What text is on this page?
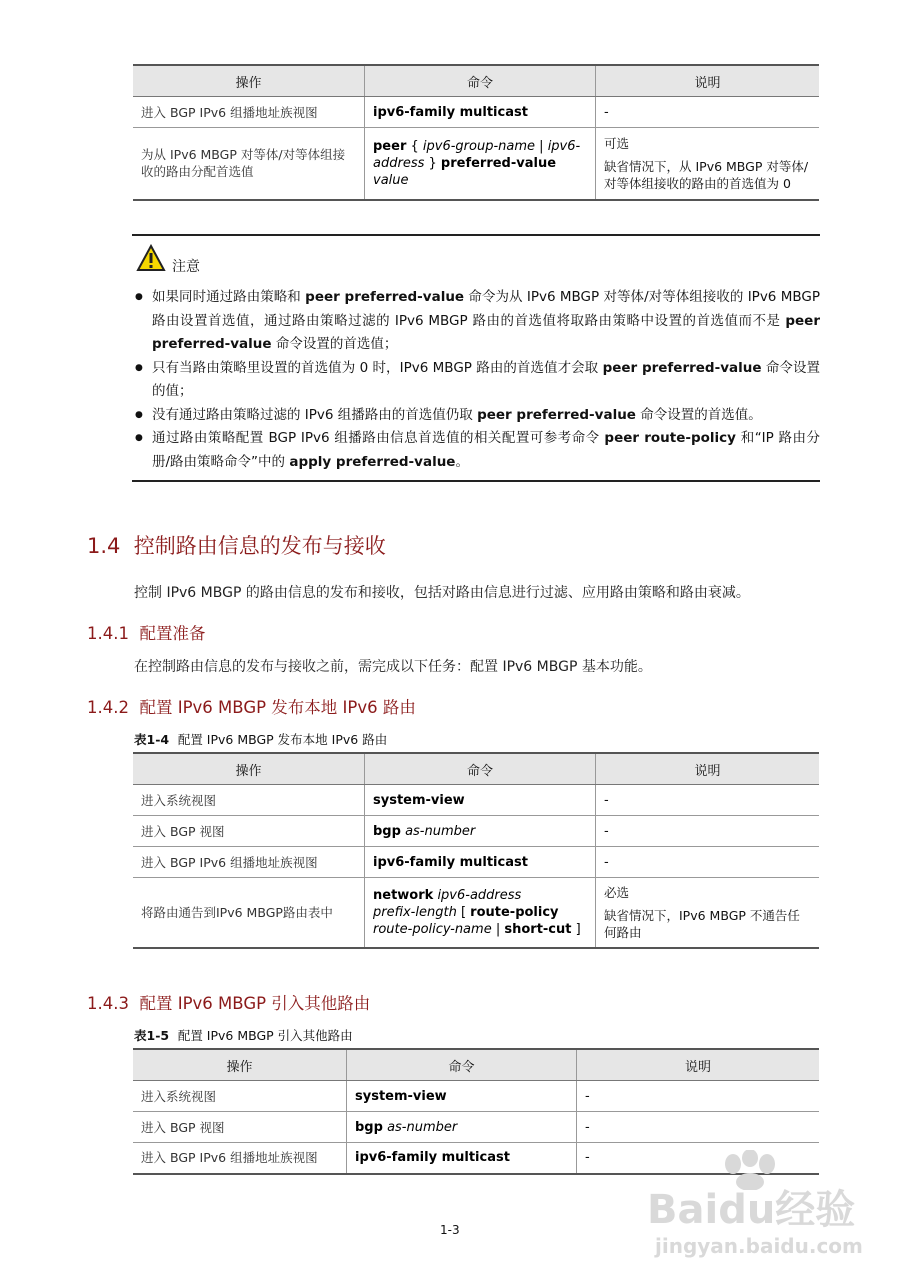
操作	命令	说明
进入 BGP IPv6 组播地址族视图	ipv6-family multicast	-
为从 IPv6 MBGP 对等体/对等体组接收的路由分配首选值	peer { ipv6-group-name | ipv6-address } preferred-value value	可选
缺省情况下，从 IPv6 MBGP 对等体/对等体组接收的路由的首选值为 0
注意
● 如果同时通过路由策略和 peer preferred-value 命令为从 IPv6 MBGP 对等体/对等体组接收的 IPv6 MBGP 路由设置首选值，通过路由策略过滤的 IPv6 MBGP 路由的首选值将取路由策略中设置的首选值而不是 peer preferred-value 命令设置的首选值；
● 只有当路由策略里设置的首选值为 0 时，IPv6 MBGP 路由的首选值才会取 peer preferred-value 命令设置的值；
● 没有通过路由策略过滤的 IPv6 组播路由的首选值仍取 peer preferred-value 命令设置的首选值。
● 通过路由策略配置 BGP IPv6 组播路由信息首选值的相关配置可参考命令 peer route-policy 和“IP 路由分册/路由策略命令”中的 apply preferred-value。
1.4 控制路由信息的发布与接收

控制 IPv6 MBGP 的路由信息的发布和接收，包括对路由信息进行过滤、应用路由策略和路由衰减。

1.4.1 配置准备

在控制路由信息的发布与接收之前，需完成以下任务：配置 IPv6 MBGP 基本功能。

1.4.2 配置 IPv6 MBGP 发布本地 IPv6 路由
表1-4 配置 IPv6 MBGP 发布本地 IPv6 路由
操作	命令	说明
进入系统视图	system-view	-
进入 BGP 视图	bgp as-number	-
进入 BGP IPv6 组播地址族视图	ipv6-family multicast	-
将路由通告到IPv6 MBGP路由表中	network ipv6-address
prefix-length [ route-policy
route-policy-name | short-cut ]	必选
缺省情况下，IPv6 MBGP 不通告任何路由
1.4.3 配置 IPv6 MBGP 引入其他路由
表1-5 配置 IPv6 MBGP 引入其他路由
操作	命令	说明
进入系统视图	system-view	-
进入 BGP 视图	bgp as-number	-
进入 BGP IPv6 组播地址族视图	ipv6-family multicast	-
1-3	Baidu经验
jingyan.baidu.com
